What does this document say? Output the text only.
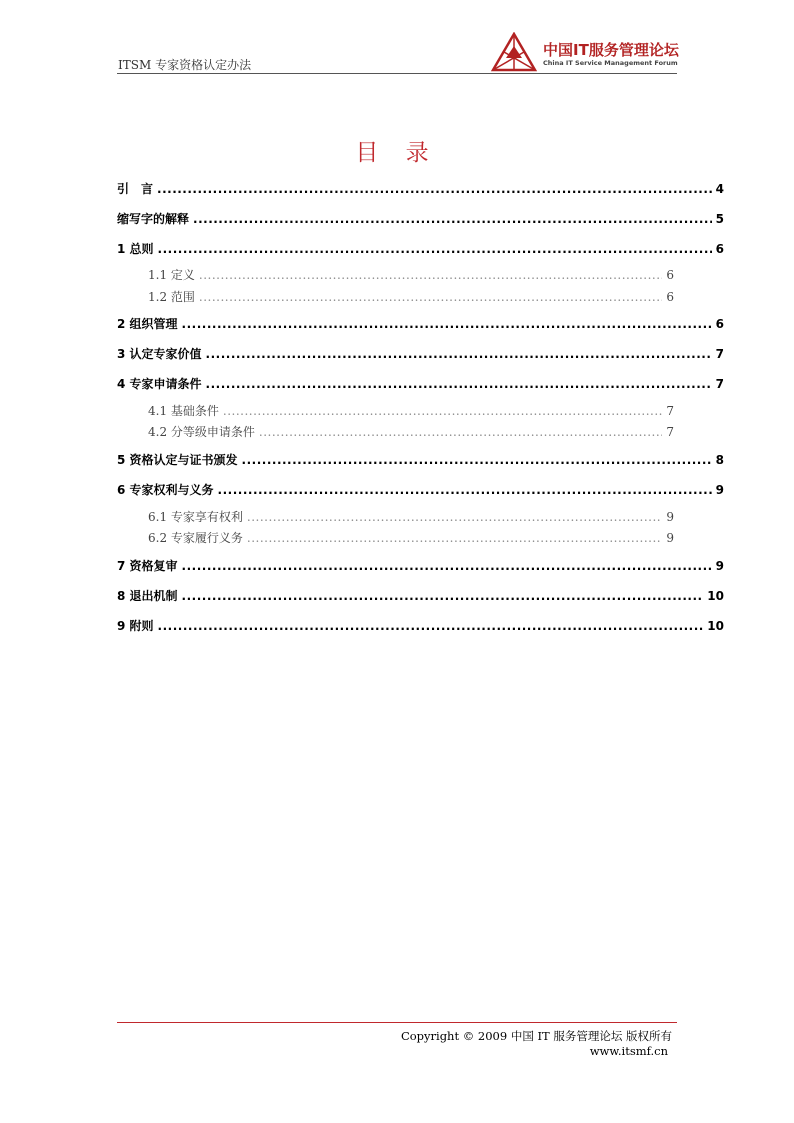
ITSM 专家资格认定办法
中国IT服务管理论坛
China IT Service Management Forum
目 录
引　言 .....	4
缩写字的解释 .....	5
1 总则 .....	6
1.1 定义 .....	6
1.2 范围 .....	6
2 组织管理 .....	6
3 认定专家价值 .....	7
4 专家申请条件 .....	7
4.1 基础条件 .....	7
4.2 分等级申请条件 .....	7
5 资格认定与证书颁发 .....	8
6 专家权利与义务 .....	9
6.1 专家享有权利 .....	9
6.2 专家履行义务 .....	9
7 资格复审 .....	9
8 退出机制 .....	10
9 附则 .....	10
Copyright © 2009 中国 IT 服务管理论坛 版权所有
www.itsmf.cn
